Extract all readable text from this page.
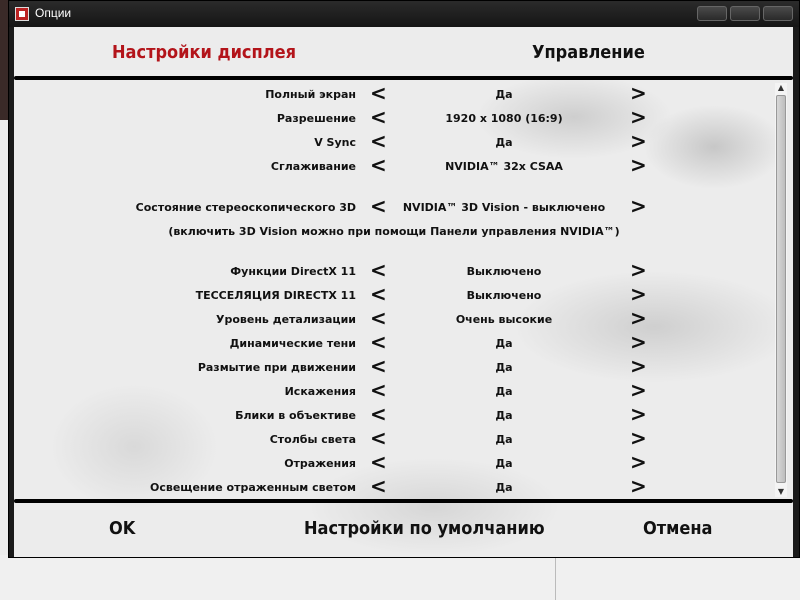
Опции
Настройки дисплея	Управление
Полный экран <	Да	>
Разрешение <	1920 x 1080 (16:9)	>
V Sync <	Да	>
Сглаживание <	NVIDIA™ 32x CSAA	>
Состояние стереоскопического 3D <	NVIDIA™ 3D Vision - выключено	>
(включить 3D Vision можно при помощи Панели управления NVIDIA™)
Функции DirectX 11 <	Выключено	>
ТЕССЕЛЯЦИЯ DIRECTX 11 <	Выключено	>
Уровень детализации <	Очень высокие	>
Динамические тени <	Да	>
Размытие при движении <	Да	>
Искажения <	Да	>
Блики в объективе <	Да	>
Столбы света <	Да	>
Отражения <	Да	>
Освещение отраженным светом <	Да	>
▲
▼
OK	Настройки по умолчанию	Отмена
